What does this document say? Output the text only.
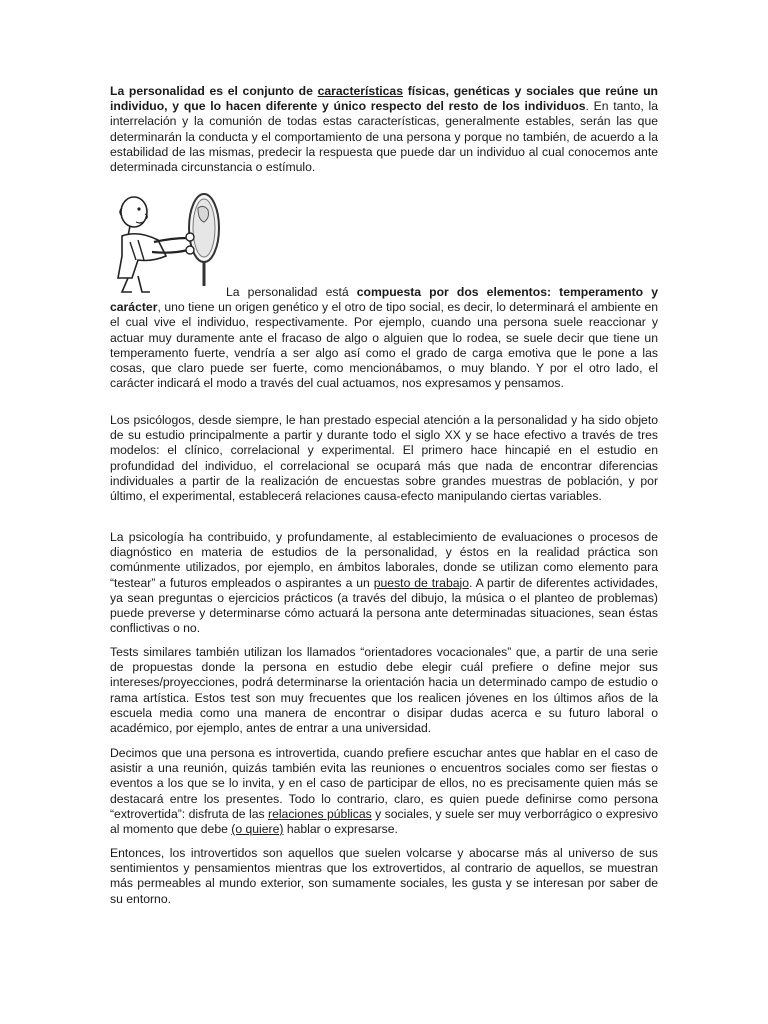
La personalidad es el conjunto de características físicas, genéticas y sociales que reúne un individuo, y que lo hacen diferente y único respecto del resto de los individuos. En tanto, la interrelación y la comunión de todas estas características, generalmente estables, serán las que determinarán la conducta y el comportamiento de una persona y porque no también, de acuerdo a la estabilidad de las mismas, predecir la respuesta que puede dar un individuo al cual conocemos ante determinada circunstancia o estímulo.

La personalidad está compuesta por dos elementos: temperamento y carácter, uno tiene un origen genético y el otro de tipo social, es decir, lo determinará el ambiente en el cual vive el individuo, respectivamente. Por ejemplo, cuando una persona suele reaccionar y actuar muy duramente ante el fracaso de algo o alguien que lo rodea, se suele decir que tiene un temperamento fuerte, vendría a ser algo así como el grado de carga emotiva que le pone a las cosas, que claro puede ser fuerte, como mencionábamos, o muy blando. Y por el otro lado, el carácter indicará el modo a través del cual actuamos, nos expresamos y pensamos.

Los psicólogos, desde siempre, le han prestado especial atención a la personalidad y ha sido objeto de su estudio principalmente a partir y durante todo el siglo XX y se hace efectivo a través de tres modelos: el clínico, correlacional y experimental. El primero hace hincapié en el estudio en profundidad del individuo, el correlacional se ocupará más que nada de encontrar diferencias individuales a partir de la realización de encuestas sobre grandes muestras de población, y por último, el experimental, establecerá relaciones causa-efecto manipulando ciertas variables.

La psicología ha contribuido, y profundamente, al establecimiento de evaluaciones o procesos de diagnóstico en materia de estudios de la personalidad, y éstos en la realidad práctica son comúnmente utilizados, por ejemplo, en ámbitos laborales, donde se utilizan como elemento para “testear” a futuros empleados o aspirantes a un puesto de trabajo. A partir de diferentes actividades, ya sean preguntas o ejercicios prácticos (a través del dibujo, la música o el planteo de problemas) puede preverse y determinarse cómo actuará la persona ante determinadas situaciones, sean éstas conflictivas o no.

Tests similares también utilizan los llamados “orientadores vocacionales” que, a partir de una serie de propuestas donde la persona en estudio debe elegir cuál prefiere o define mejor sus intereses/proyecciones, podrá determinarse la orientación hacia un determinado campo de estudio o rama artística. Estos test son muy frecuentes que los realicen jóvenes en los últimos años de la escuela media como una manera de encontrar o disipar dudas acerca e su futuro laboral o académico, por ejemplo, antes de entrar a una universidad.

Decimos que una persona es introvertida, cuando prefiere escuchar antes que hablar en el caso de asistir a una reunión, quizás también evita las reuniones o encuentros sociales como ser fiestas o eventos a los que se lo invita, y en el caso de participar de ellos, no es precisamente quien más se destacará entre los presentes. Todo lo contrario, claro, es quien puede definirse como persona “extrovertida”: disfruta de las relaciones públicas y sociales, y suele ser muy verborrágico o expresivo al momento que debe (o quiere) hablar o expresarse.

Entonces, los introvertidos son aquellos que suelen volcarse y abocarse más al universo de sus sentimientos y pensamientos mientras que los extrovertidos, al contrario de aquellos, se muestran más permeables al mundo exterior, son sumamente sociales, les gusta y se interesan por saber de su entorno.
